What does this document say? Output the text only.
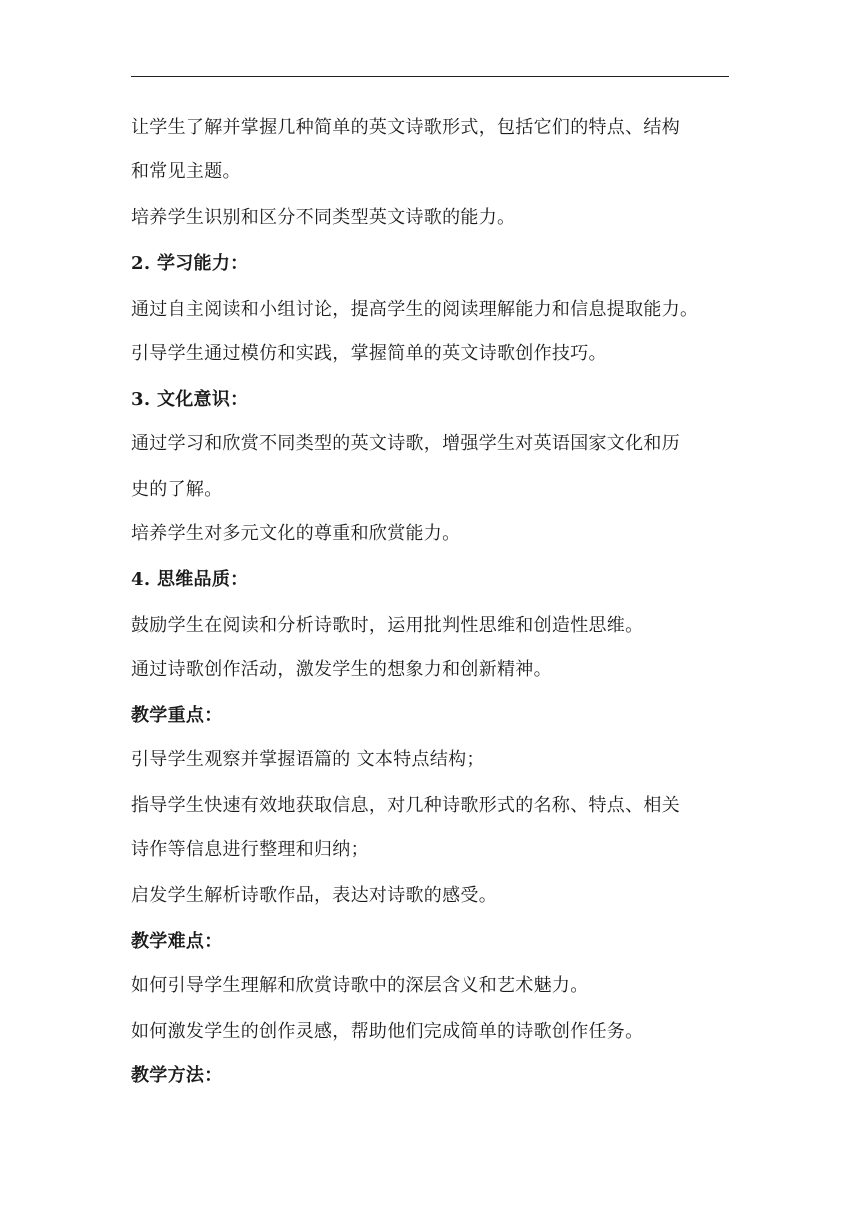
让学生了解并掌握几种简单的英文诗歌形式，包括它们的特点、结构

和常见主题。

培养学生识别和区分不同类型英文诗歌的能力。

2. 学习能力：

通过自主阅读和小组讨论，提高学生的阅读理解能力和信息提取能力。

引导学生通过模仿和实践，掌握简单的英文诗歌创作技巧。

3. 文化意识：

通过学习和欣赏不同类型的英文诗歌，增强学生对英语国家文化和历

史的了解。

培养学生对多元文化的尊重和欣赏能力。

4. 思维品质：

鼓励学生在阅读和分析诗歌时，运用批判性思维和创造性思维。

通过诗歌创作活动，激发学生的想象力和创新精神。

教学重点：

引导学生观察并掌握语篇的 文本特点结构；

指导学生快速有效地获取信息，对几种诗歌形式的名称、特点、相关

诗作等信息进行整理和归纳；

启发学生解析诗歌作品，表达对诗歌的感受。

教学难点：

如何引导学生理解和欣赏诗歌中的深层含义和艺术魅力。

如何激发学生的创作灵感，帮助他们完成简单的诗歌创作任务。

教学方法：
